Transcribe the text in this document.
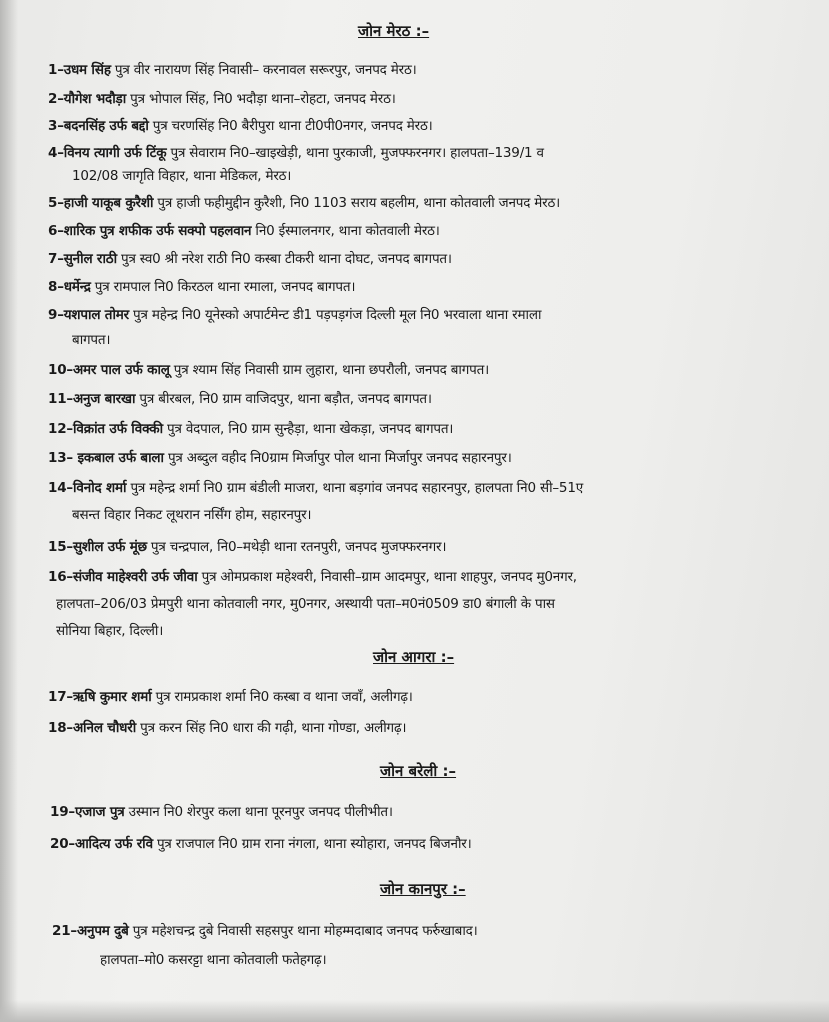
जोन मेरठ :–
1–उधम सिंह पुत्र वीर नारायण सिंह निवासी– करनावल सरूरपुर, जनपद मेरठ।
2–यौगेश भदौड़ा पुत्र भोपाल सिंह, नि0 भदौड़ा थाना–रोहटा, जनपद मेरठ।
3–बदनसिंह उर्फ बद्दो पुत्र चरणसिंह नि0 बैरीपुरा थाना टी0पी0नगर, जनपद मेरठ।
4–विनय त्यागी उर्फ टिंकू पुत्र सेवाराम नि0–खाइखेड़ी, थाना पुरकाजी, मुजफ्फरनगर। हालपता–139/1 व
102/08 जागृति विहार, थाना मेडिकल, मेरठ।
5–हाजी याकूब कुरैशी पुत्र हाजी फहीमुद्दीन कुरैशी, नि0 1103 सराय बहलीम, थाना कोतवाली जनपद मेरठ।
6–शारिक पुत्र शफीक उर्फ सक्पो पहलवान नि0 ईस्मालनगर, थाना कोतवाली मेरठ।
7–सुनील राठी पुत्र स्व0 श्री नरेश राठी नि0 कस्बा टीकरी थाना दोघट, जनपद बागपत।
8–धर्मेन्द्र पुत्र रामपाल नि0 किरठल थाना रमाला, जनपद बागपत।
9–यशपाल तोमर पुत्र महेन्द्र नि0 यूनेस्को अपार्टमेन्ट डी1 पड़पड़गंज दिल्ली मूल नि0 भरवाला थाना रमाला
बागपत।
10–अमर पाल उर्फ कालू पुत्र श्याम सिंह निवासी ग्राम लुहारा, थाना छपरौली, जनपद बागपत।
11–अनुज बारखा पुत्र बीरबल, नि0 ग्राम वाजिदपुर, थाना बड़ौत, जनपद बागपत।
12–विक्रांत उर्फ विक्की पुत्र वेदपाल, नि0 ग्राम सुन्हैड़ा, थाना खेकड़ा, जनपद बागपत।
13– इकबाल उर्फ बाला पुत्र अब्दुल वहीद नि0ग्राम मिर्जापुर पोल थाना मिर्जापुर जनपद सहारनपुर।
14–विनोद शर्मा पुत्र महेन्द्र शर्मा नि0 ग्राम बंडीली माजरा, थाना बड़गांव जनपद सहारनपुर, हालपता नि0 सी–51ए
बसन्त विहार निकट लूथरान नर्सिंग होम, सहारनपुर।
15–सुशील उर्फ मूंछ पुत्र चन्द्रपाल, नि0–मथेड़ी थाना रतनपुरी, जनपद मुजफ्फरनगर।
16–संजीव माहेश्वरी उर्फ जीवा पुत्र ओमप्रकाश महेश्वरी, निवासी–ग्राम आदमपुर, थाना शाहपुर, जनपद मु0नगर,
हालपता–206/03 प्रेमपुरी थाना कोतवाली नगर, मु0नगर, अस्थायी पता–म0नं0509 डा0 बंगाली के पास
सोनिया बिहार, दिल्ली।
जोन आगरा :–
17–ऋषि कुमार शर्मा पुत्र रामप्रकाश शर्मा नि0 कस्बा व थाना जवाँ, अलीगढ़।
18–अनिल चौधरी पुत्र करन सिंह नि0 धारा की गढ़ी, थाना गोण्डा, अलीगढ़।
जोन बरेली :–
19–एजाज पुत्र उस्मान नि0 शेरपुर कला थाना पूरनपुर जनपद पीलीभीत।
20–आदित्य उर्फ रवि पुत्र राजपाल नि0 ग्राम राना नंगला, थाना स्योहारा, जनपद बिजनौर।
जोन कानपुर :–
21–अनुपम दुबे पुत्र महेशचन्द्र दुबे निवासी सहसपुर थाना मोहम्मदाबाद जनपद फर्रुखाबाद।
हालपता–मो0 कसरट्टा थाना कोतवाली फतेहगढ़।
